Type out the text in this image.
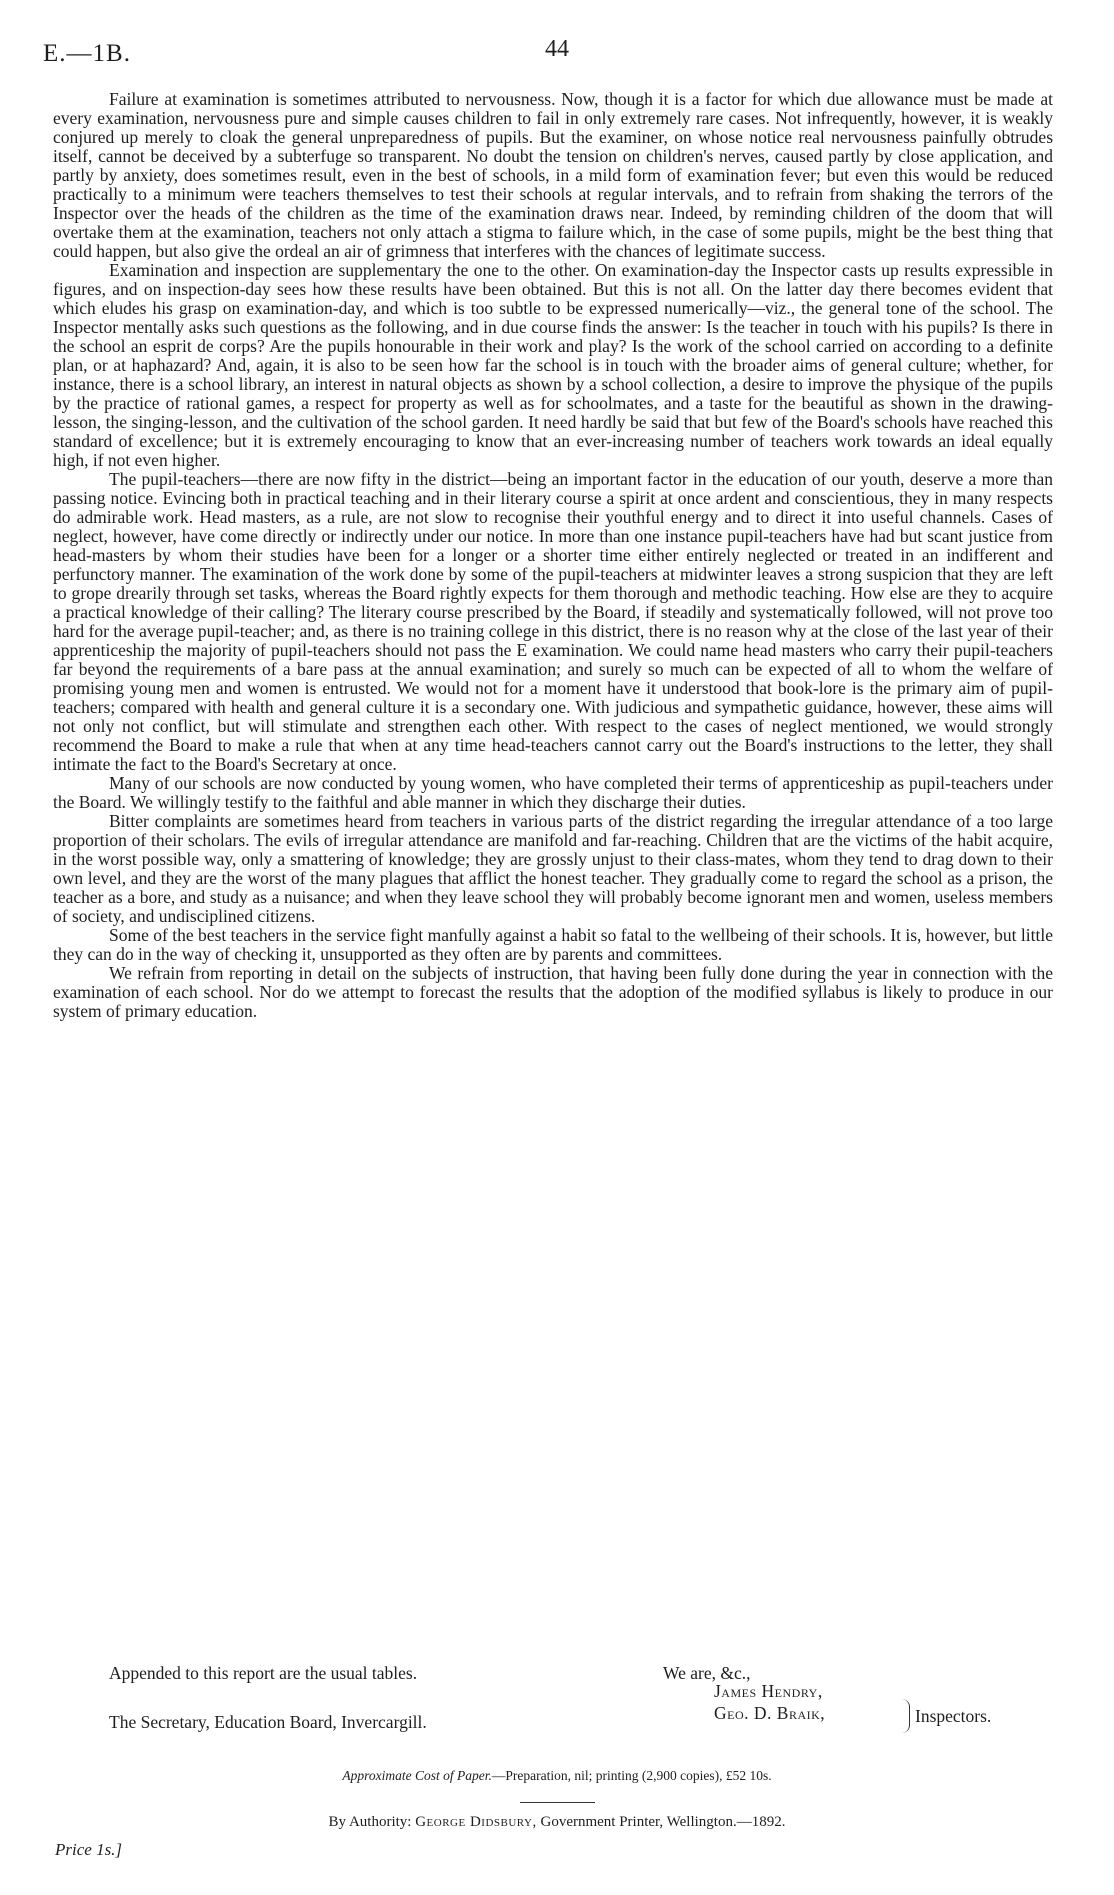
E.—1B.	44

Failure at examination is sometimes attributed to nervousness. Now, though it is a factor for which due allowance must be made at every examination, nervousness pure and simple causes children to fail in only extremely rare cases. Not infrequently, however, it is weakly conjured up merely to cloak the general unpreparedness of pupils. But the examiner, on whose notice real nervousness painfully obtrudes itself, cannot be deceived by a subterfuge so transparent. No doubt the tension on children's nerves, caused partly by close application, and partly by anxiety, does sometimes result, even in the best of schools, in a mild form of examination fever; but even this would be reduced practically to a minimum were teachers themselves to test their schools at regular intervals, and to refrain from shaking the terrors of the Inspector over the heads of the children as the time of the examination draws near. Indeed, by reminding children of the doom that will overtake them at the examination, teachers not only attach a stigma to failure which, in the case of some pupils, might be the best thing that could happen, but also give the ordeal an air of grimness that interferes with the chances of legitimate success.

Examination and inspection are supplementary the one to the other. On examination-day the Inspector casts up results expressible in figures, and on inspection-day sees how these results have been obtained. But this is not all. On the latter day there becomes evident that which eludes his grasp on examination-day, and which is too subtle to be expressed numerically—viz., the general tone of the school. The Inspector mentally asks such questions as the following, and in due course finds the answer: Is the teacher in touch with his pupils? Is there in the school an esprit de corps? Are the pupils honourable in their work and play? Is the work of the school carried on according to a definite plan, or at haphazard? And, again, it is also to be seen how far the school is in touch with the broader aims of general culture; whether, for instance, there is a school library, an interest in natural objects as shown by a school collection, a desire to improve the physique of the pupils by the practice of rational games, a respect for property as well as for schoolmates, and a taste for the beautiful as shown in the drawing-lesson, the singing-lesson, and the cultivation of the school garden. It need hardly be said that but few of the Board's schools have reached this standard of excellence; but it is extremely encouraging to know that an ever-increasing number of teachers work towards an ideal equally high, if not even higher.

The pupil-teachers—there are now fifty in the district—being an important factor in the education of our youth, deserve a more than passing notice. Evincing both in practical teaching and in their literary course a spirit at once ardent and conscientious, they in many respects do admirable work. Head masters, as a rule, are not slow to recognise their youthful energy and to direct it into useful channels. Cases of neglect, however, have come directly or indirectly under our notice. In more than one instance pupil-teachers have had but scant justice from head-masters by whom their studies have been for a longer or a shorter time either entirely neglected or treated in an indifferent and perfunctory manner. The examination of the work done by some of the pupil-teachers at midwinter leaves a strong suspicion that they are left to grope drearily through set tasks, whereas the Board rightly expects for them thorough and methodic teaching. How else are they to acquire a practical knowledge of their calling? The literary course prescribed by the Board, if steadily and systematically followed, will not prove too hard for the average pupil-teacher; and, as there is no training college in this district, there is no reason why at the close of the last year of their apprenticeship the majority of pupil-teachers should not pass the E examination. We could name head masters who carry their pupil-teachers far beyond the requirements of a bare pass at the annual examination; and surely so much can be expected of all to whom the welfare of promising young men and women is entrusted. We would not for a moment have it understood that book-lore is the primary aim of pupil-teachers; compared with health and general culture it is a secondary one. With judicious and sympathetic guidance, however, these aims will not only not conflict, but will stimulate and strengthen each other. With respect to the cases of neglect mentioned, we would strongly recommend the Board to make a rule that when at any time head-teachers cannot carry out the Board's instructions to the letter, they shall intimate the fact to the Board's Secretary at once.

Many of our schools are now conducted by young women, who have completed their terms of apprenticeship as pupil-teachers under the Board. We willingly testify to the faithful and able manner in which they discharge their duties.

Bitter complaints are sometimes heard from teachers in various parts of the district regarding the irregular attendance of a too large proportion of their scholars. The evils of irregular attendance are manifold and far-reaching. Children that are the victims of the habit acquire, in the worst possible way, only a smattering of knowledge; they are grossly unjust to their class-mates, whom they tend to drag down to their own level, and they are the worst of the many plagues that afflict the honest teacher. They gradually come to regard the school as a prison, the teacher as a bore, and study as a nuisance; and when they leave school they will probably become ignorant men and women, useless members of society, and undisciplined citizens.

Some of the best teachers in the service fight manfully against a habit so fatal to the wellbeing of their schools. It is, however, but little they can do in the way of checking it, unsupported as they often are by parents and committees.

We refrain from reporting in detail on the subjects of instruction, that having been fully done during the year in connection with the examination of each school. Nor do we attempt to forecast the results that the adoption of the modified syllabus is likely to produce in our system of primary education.

Appended to this report are the usual tables.	We are, &c.,
James Hendry,
Geo. D. Braik,	Inspectors.
The Secretary, Education Board, Invercargill.
Approximate Cost of Paper.—Preparation, nil; printing (2,900 copies), £52 10s.
By Authority: George Didsbury, Government Printer, Wellington.—1892.
Price 1s.]
